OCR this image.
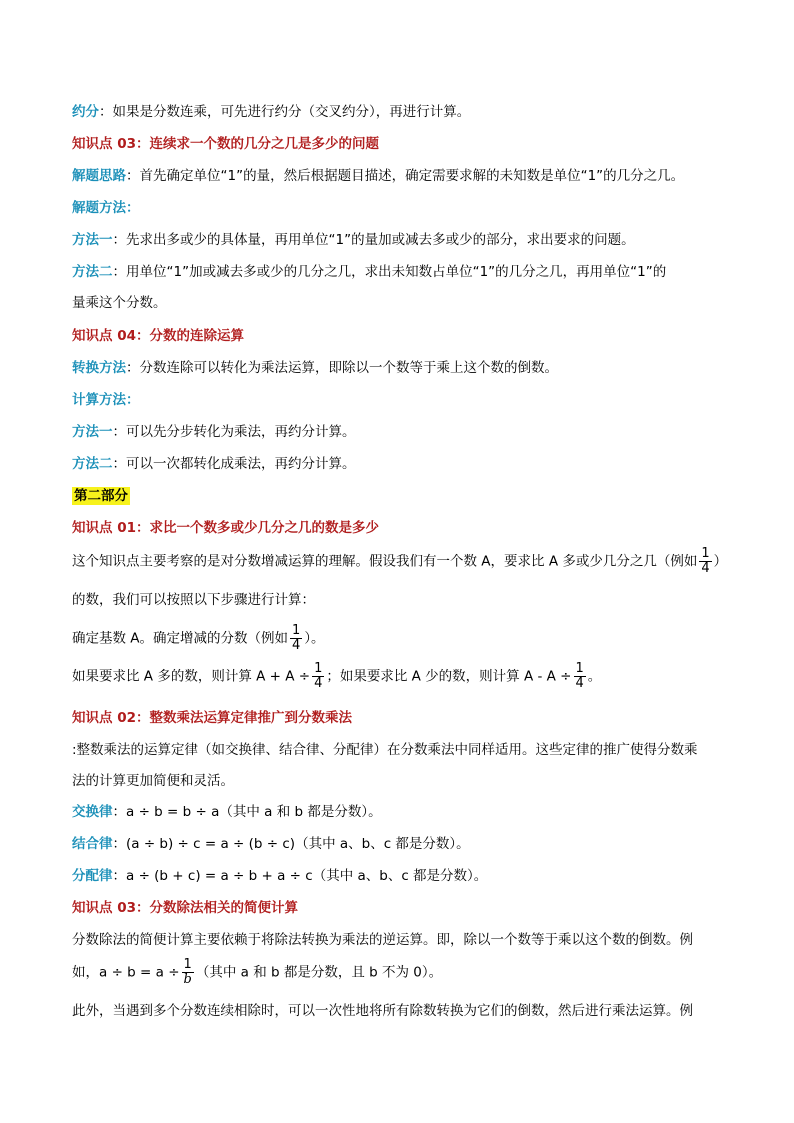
约分：如果是分数连乘，可先进行约分（交叉约分），再进行计算。
知识点 03：连续求一个数的几分之几是多少的问题
解题思路：首先确定单位“1”的量，然后根据题目描述，确定需要求解的未知数是单位“1”的几分之几。
解题方法：
方法一：先求出多或少的具体量，再用单位“1”的量加或减去多或少的部分，求出要求的问题。
方法二：用单位“1”加或减去多或少的几分之几，求出未知数占单位“1”的几分之几，再用单位“1”的
量乘这个分数。
知识点 04：分数的连除运算
转换方法：分数连除可以转化为乘法运算，即除以一个数等于乘上这个数的倒数。
计算方法：
方法一：可以先分步转化为乘法，再约分计算。
方法二：可以一次都转化成乘法，再约分计算。
第二部分
知识点 01：求比一个数多或少几分之几的数是多少
这个知识点主要考察的是对分数增减运算的理解。假设我们有一个数 A，要求比 A 多或少几分之几（例如 $\frac{1}{4}$ ）
的数，我们可以按照以下步骤进行计算：
确定基数 A。确定增减的分数（例如 $\frac{1}{4}$ ）。
如果要求比 A 多的数，则计算 $A + A \div \frac{1}{4}$ ；如果要求比 A 少的数，则计算 $A - A \div \frac{1}{4}$ 。
知识点 02：整数乘法运算定律推广到分数乘法
:整数乘法的运算定律（如交换律、结合律、分配律）在分数乘法中同样适用。这些定律的推广使得分数乘
法的计算更加简便和灵活。
交换律：a ÷ b = b ÷ a（其中 a 和 b 都是分数）。
结合律：(a ÷ b) ÷ c = a ÷ (b ÷ c)（其中 a、b、c 都是分数）。
分配律：a ÷ (b + c) = a ÷ b + a ÷ c（其中 a、b、c 都是分数）。
知识点 03：分数除法相关的简便计算
分数除法的简便计算主要依赖于将除法转换为乘法的逆运算。即，除以一个数等于乘以这个数的倒数。例
如，$a \div b = a \div \frac{1}{b}$ （其中 a 和 b 都是分数，且 b 不为 0）。
此外，当遇到多个分数连续相除时，可以一次性地将所有除数转换为它们的倒数，然后进行乘法运算。例
